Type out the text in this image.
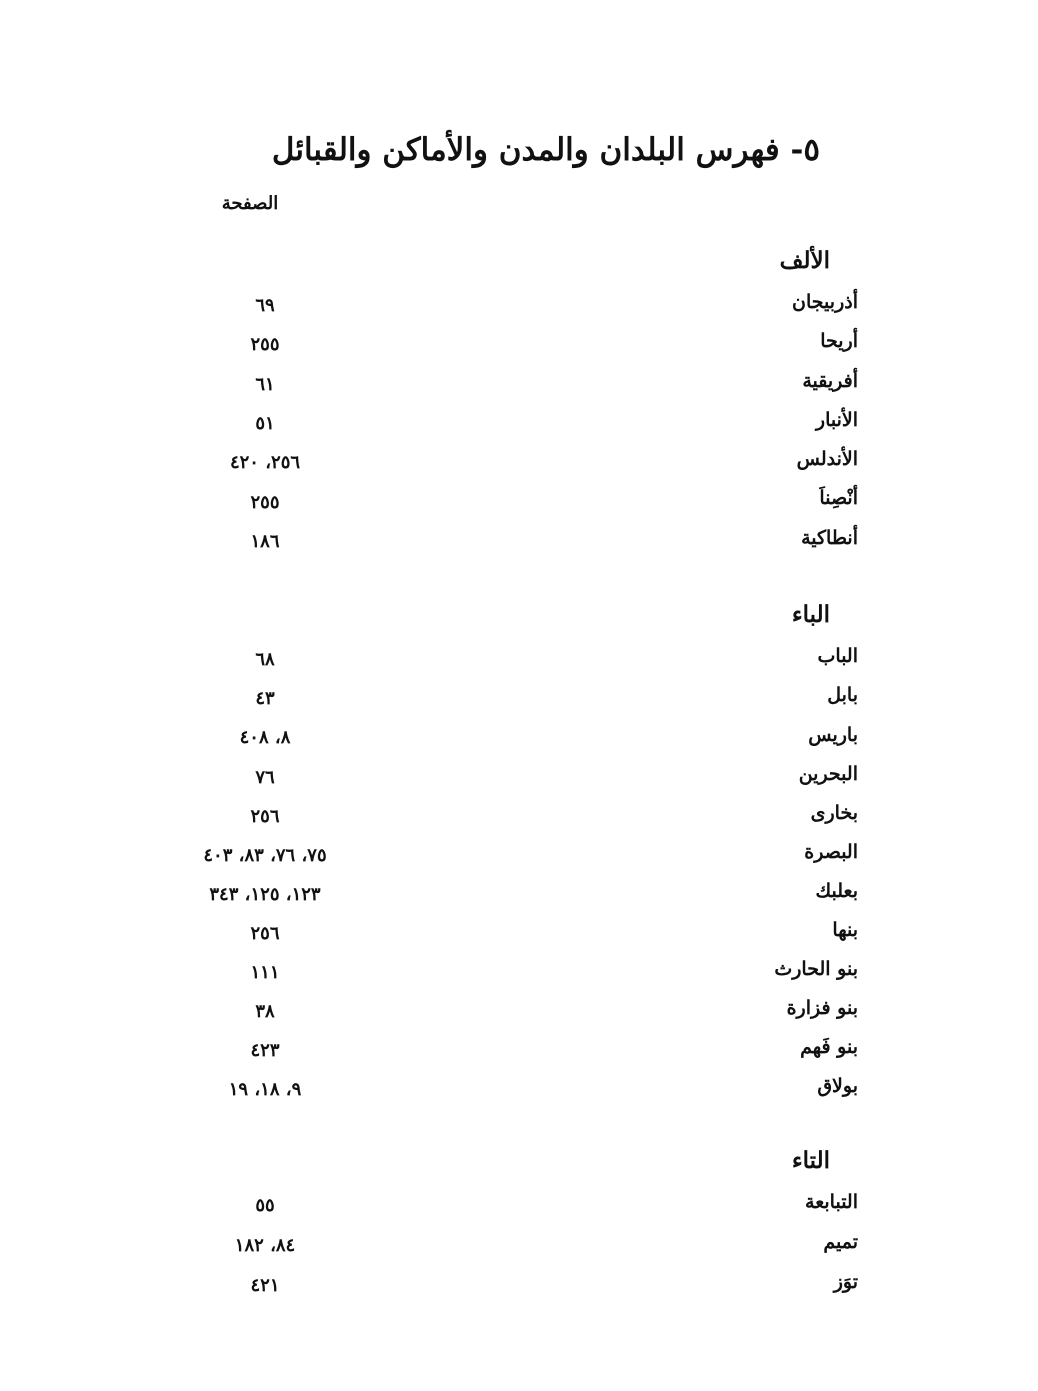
٥- فهرس البلدان والمدن والأماكن والقبائل
الصفحة
الألف
أذربيجان
٦٩
أريحا
٢٥٥
أفريقية
٦١
الأنبار
٥١
الأندلس
٢٥٦، ٤٢٠
أنْصِناَ
٢٥٥
أنطاكية
١٨٦
الباء
الباب
٦٨
بابل
٤٣
باريس
٨، ٤٠٨
البحرين
٧٦
بخارى
٢٥٦
البصرة
٧٥، ٧٦، ٨٣، ٤٠٣
بعلبك
١٢٣، ١٢٥، ٣٤٣
بنها
٢٥٦
بنو الحارث
١١١
بنو فزارة
٣٨
بنو فَهم
٤٢٣
بولاق
٩، ١٨، ١٩
التاء
التبابعة
٥٥
تميم
٨٤، ١٨٢
توَز
٤٢١
